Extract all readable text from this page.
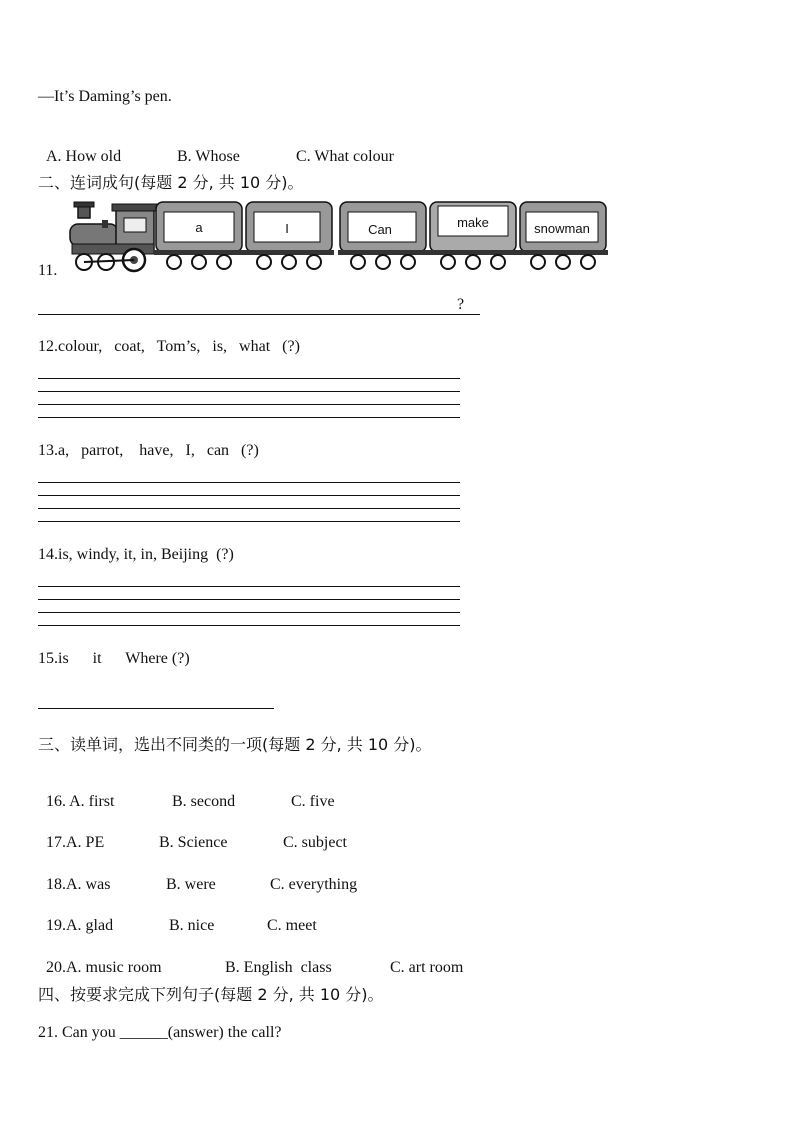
—It’s Daming’s pen.

A. How old	B. Whose	C. What colour

二、连词成句(每题 2 分, 共 10 分)。
a	I	Can	make	snowman
11.
?
12.colour,   coat,   Tom’s,   is,   what   (?)
13.a,   parrot,    have,   I,   can   (?)
14.is, windy, it, in, Beijing  (?)
15.is      it      Where (?)
三、读单词，选出不同类的一项(每题 2 分, 共 10 分)。

16. A. first	B. second	C. five

17.A. PE	B. Science	C. subject

18.A. was	B. were	C. everything

19.A. glad	B. nice	C. meet

20.A. music room	B. English  class	C. art room

四、按要求完成下列句子(每题 2 分, 共 10 分)。
21. Can you ______(answer) the call?
